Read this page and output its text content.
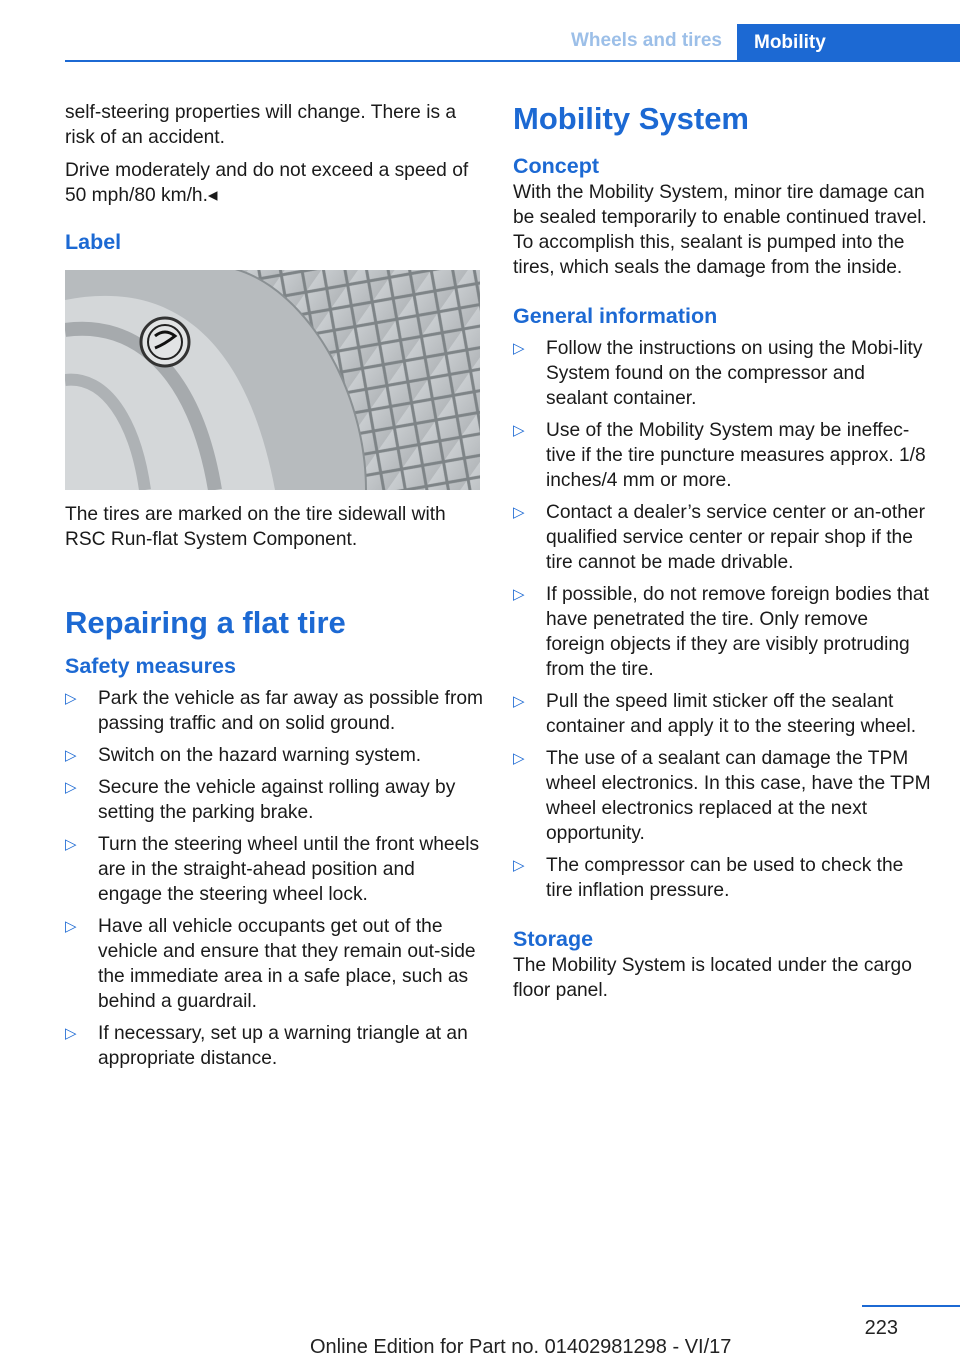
Wheels and tires	Mobility

self-steering properties will change. There is a risk of an accident.

Drive moderately and do not exceed a speed of 50 mph/80 km/h.◂

Label

The tires are marked on the tire sidewall with RSC Run-flat System Component.

Repairing a flat tire
Safety measures
▷ Park the vehicle as far away as possible from passing traffic and on solid ground.
▷ Switch on the hazard warning system.
▷ Secure the vehicle against rolling away by setting the parking brake.
▷ Turn the steering wheel until the front wheels are in the straight-ahead position and engage the steering wheel lock.
▷ Have all vehicle occupants get out of the vehicle and ensure that they remain out-side the immediate area in a safe place, such as behind a guardrail.
▷ If necessary, set up a warning triangle at an appropriate distance.
Mobility System
Concept

With the Mobility System, minor tire damage can be sealed temporarily to enable continued travel. To accomplish this, sealant is pumped into the tires, which seals the damage from the inside.

General information
▷ Follow the instructions on using the Mobi-lity System found on the compressor and sealant container.
▷ Use of the Mobility System may be ineffec-tive if the tire puncture measures approx. 1/8 inches/4 mm or more.
▷ Contact a dealer’s service center or an-other qualified service center or repair shop if the tire cannot be made drivable.
▷ If possible, do not remove foreign bodies that have penetrated the tire. Only remove foreign objects if they are visibly protruding from the tire.
▷ Pull the speed limit sticker off the sealant container and apply it to the steering wheel.
▷ The use of a sealant can damage the TPM wheel electronics. In this case, have the TPM wheel electronics replaced at the next opportunity.
▷ The compressor can be used to check the tire inflation pressure.
Storage

The Mobility System is located under the cargo floor panel.

223
Online Edition for Part no. 01402981298 - VI/17
